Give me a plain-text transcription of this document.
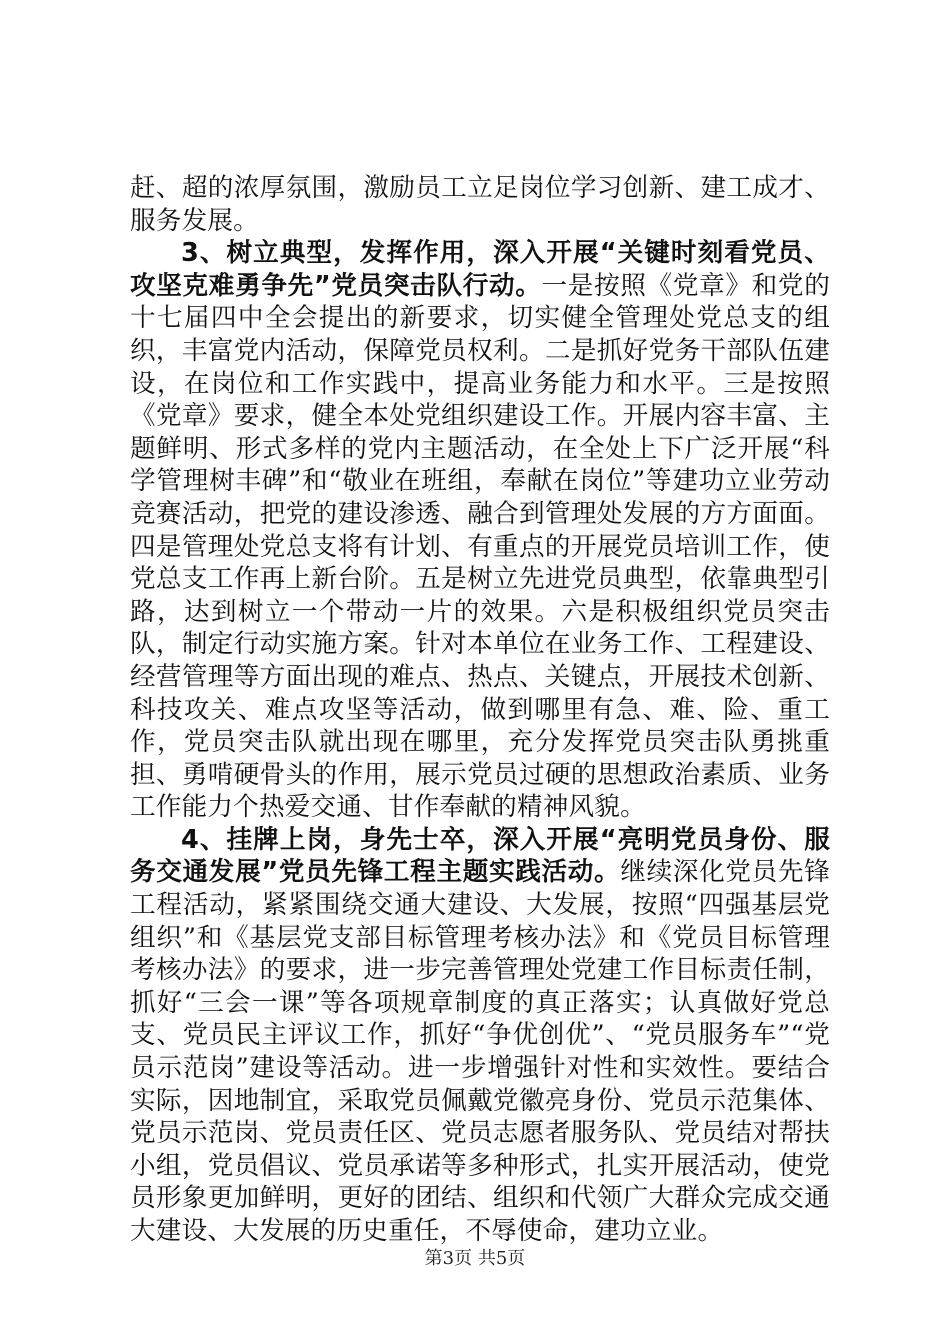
赶、超的浓厚氛围，激励员工立足岗位学习创新、建工成才、服务发展。

3、树立典型，发挥作用，深入开展“关键时刻看党员、攻坚克难勇争先”党员突击队行动。一是按照《党章》和党的十七届四中全会提出的新要求，切实健全管理处党总支的组织，丰富党内活动，保障党员权利。二是抓好党务干部队伍建设，在岗位和工作实践中，提高业务能力和水平。三是按照《党章》要求，健全本处党组织建设工作。开展内容丰富、主题鲜明、形式多样的党内主题活动，在全处上下广泛开展“科学管理树丰碑”和“敬业在班组，奉献在岗位”等建功立业劳动竞赛活动，把党的建设渗透、融合到管理处发展的方方面面。四是管理处党总支将有计划、有重点的开展党员培训工作，使党总支工作再上新台阶。五是树立先进党员典型，依靠典型引路，达到树立一个带动一片的效果。六是积极组织党员突击队，制定行动实施方案。针对本单位在业务工作、工程建设、经营管理等方面出现的难点、热点、关键点，开展技术创新、科技攻关、难点攻坚等活动，做到哪里有急、难、险、重工作，党员突击队就出现在哪里，充分发挥党员突击队勇挑重担、勇啃硬骨头的作用，展示党员过硬的思想政治素质、业务工作能力个热爱交通、甘作奉献的精神风貌。

4、挂牌上岗，身先士卒，深入开展“亮明党员身份、服务交通发展”党员先锋工程主题实践活动。继续深化党员先锋工程活动，紧紧围绕交通大建设、大发展，按照“四强基层党组织”和《基层党支部目标管理考核办法》和《党员目标管理考核办法》的要求，进一步完善管理处党建工作目标责任制，抓好“三会一课”等各项规章制度的真正落实；认真做好党总支、党员民主评议工作，抓好“争优创优”、“党员服务车”“党员示范岗”建设等活动。进一步增强针对性和实效性。要结合实际，因地制宜，采取党员佩戴党徽亮身份、党员示范集体、党员示范岗、党员责任区、党员志愿者服务队、党员结对帮扶小组，党员倡议、党员承诺等多种形式，扎实开展活动，使党员形象更加鲜明，更好的团结、组织和代领广大群众完成交通大建设、大发展的历史重任，不辱使命，建功立业。

第3页 共5页
